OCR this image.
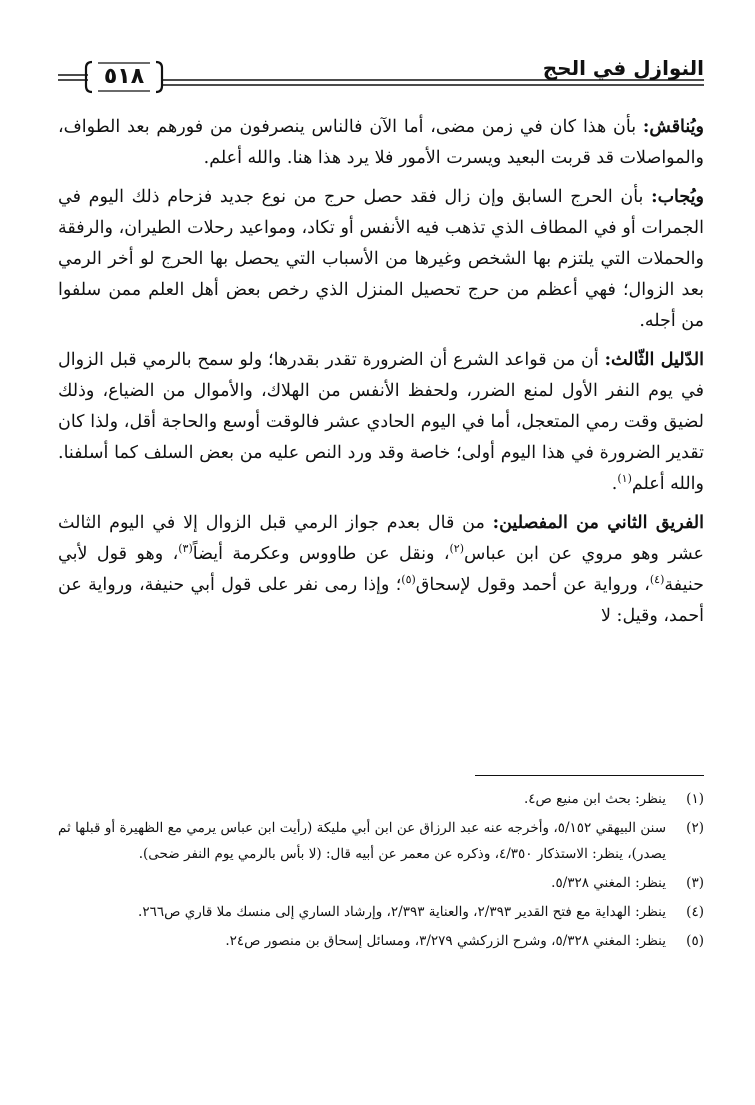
٥١٨	النوازل في الحج

ويُناقش: بأن هذا كان في زمن مضى، أما الآن فالناس ينصرفون من فورهم بعد الطواف، والمواصلات قد قربت البعيد ويسرت الأمور فلا يرد هذا هنا. والله أعلم.

ويُجاب: بأن الحرج السابق وإن زال فقد حصل حرج من نوع جديد فزحام ذلك اليوم في الجمرات أو في المطاف الذي تذهب فيه الأنفس أو تكاد، ومواعيد رحلات الطيران، والرفقة والحملات التي يلتزم بها الشخص وغيرها من الأسباب التي يحصل بها الحرج لو أخر الرمي بعد الزوال؛ فهي أعظم من حرج تحصيل المنزل الذي رخص بعض أهل العلم ممن سلفوا من أجله.

الدّليل الثّالث: أن من قواعد الشرع أن الضرورة تقدر بقدرها؛ ولو سمح بالرمي قبل الزوال في يوم النفر الأول لمنع الضرر، ولحفظ الأنفس من الهلاك، والأموال من الضياع، وذلك لضيق وقت رمي المتعجل، أما في اليوم الحادي عشر فالوقت أوسع والحاجة أقل، ولذا كان تقدير الضرورة في هذا اليوم أولى؛ خاصة وقد ورد النص عليه من بعض السلف كما أسلفنا. والله أعلم$^{(١)}$.

الفريق الثاني من المفصلين: من قال بعدم جواز الرمي قبل الزوال إلا في اليوم الثالث عشر وهو مروي عن ابن عباس$^{(٢)}$، ونقل عن طاووس وعكرمة أيضاً$^{(٣)}$، وهو قول لأبي حنيفة$^{(٤)}$، ورواية عن أحمد وقول لإسحاق$^{(٥)}$؛ وإذا رمى نفر على قول أبي حنيفة، ورواية عن أحمد، وقيل: لا

(١)
ينظر: بحث ابن منيع ص٤.
(٢)
سنن البيهقي ٥/١٥٢، وأخرجه عنه عبد الرزاق عن ابن أبي مليكة (رأيت ابن عباس يرمي مع الظهيرة أو قبلها ثم يصدر)، ينظر: الاستذكار ٤/٣٥٠، وذكره عن معمر عن أبيه قال: (لا بأس بالرمي يوم النفر ضحى).
(٣)
ينظر: المغني ٥/٣٢٨.
(٤)
ينظر: الهداية مع فتح القدير ٢/٣٩٣، والعناية ٢/٣٩٣، وإرشاد الساري إلى منسك ملا قاري ص٢٦٦.
(٥)
ينظر: المغني ٥/٣٢٨، وشرح الزركشي ٣/٢٧٩، ومسائل إسحاق بن منصور ص٢٤.
